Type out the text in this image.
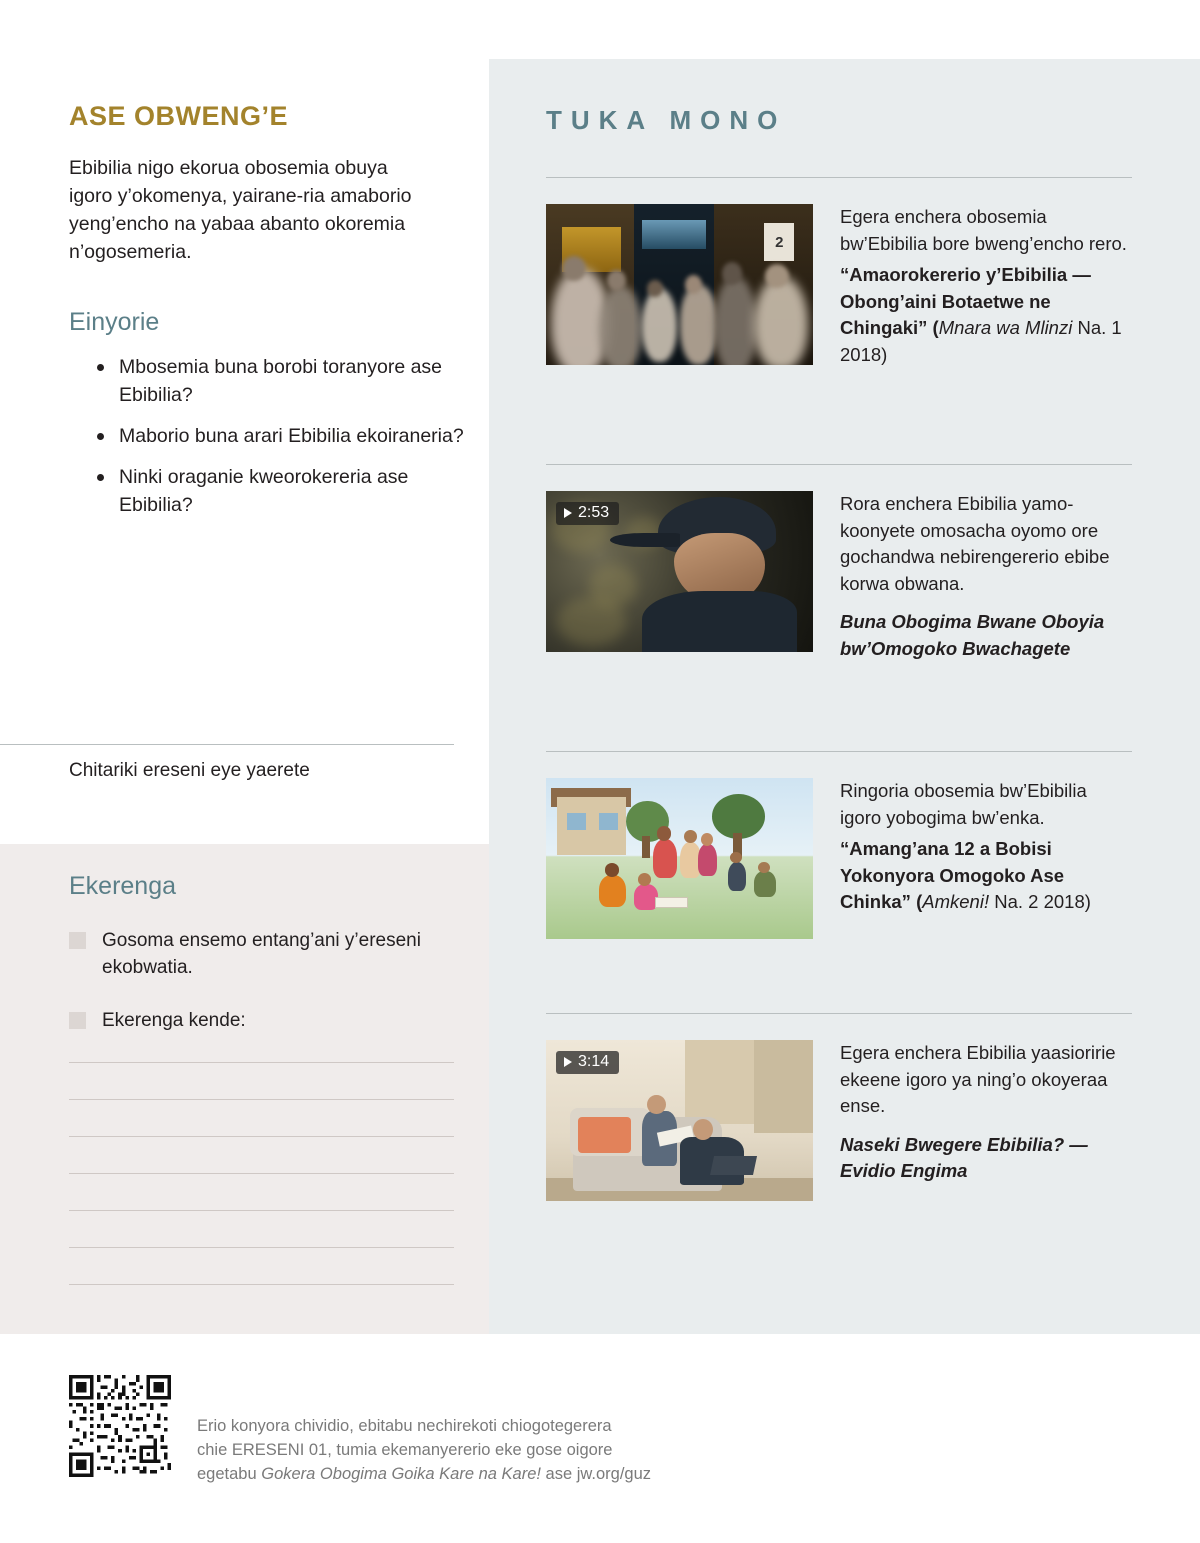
ASE OBWENG’E

Ebibilia nigo ekorua obosemia obuya igoro y’okomenya, yairane-ria amaborio yeng’encho na yabaa abanto okoremia n’ogosemeria.

Einyorie
Mbosemia buna borobi toranyore ase Ebibilia?
Maborio buna arari Ebibilia ekoiraneria?
Ninki oraganie kweorokereria ase Ebibilia?
Chitariki ereseni eye yaerete
Ekerenga
Gosoma ensemo entang’ani y’ereseni ekobwatia.
Ekerenga kende:
TUKA MONO
2

Egera enchera obosemia bw’Ebibilia bore bweng’encho rero.

“Amaorokererio y’Ebibilia —Obong’aini Botaetwe ne Chingaki” (Mnara wa Mlinzi Na. 1 2018)

2:53	Rora enchera Ebibilia yamo-koonyete omosacha oyomo ore gochandwa nebirengererio ebibe korwa obwana.

Buna Obogima Bwane Oboyia bw’Omogoko Bwachagete

Ringoria obosemia bw’Ebibilia igoro yobogima bw’enka.

“Amang’ana 12 a Bobisi Yokonyora Omogoko Ase Chinka” (Amkeni! Na. 2 2018)

3:14	Egera enchera Ebibilia yaasioririe ekeene igoro ya ning’o okoyeraa ense.

Naseki Bwegere Ebibilia? —Evidio Engima

Erio konyora chividio, ebitabu nechirekoti chiogotegerera
chie ERESENI 01, tumia ekemanyererio eke gose oigore
egetabu Gokera Obogima Goika Kare na Kare! ase jw.org/guz
